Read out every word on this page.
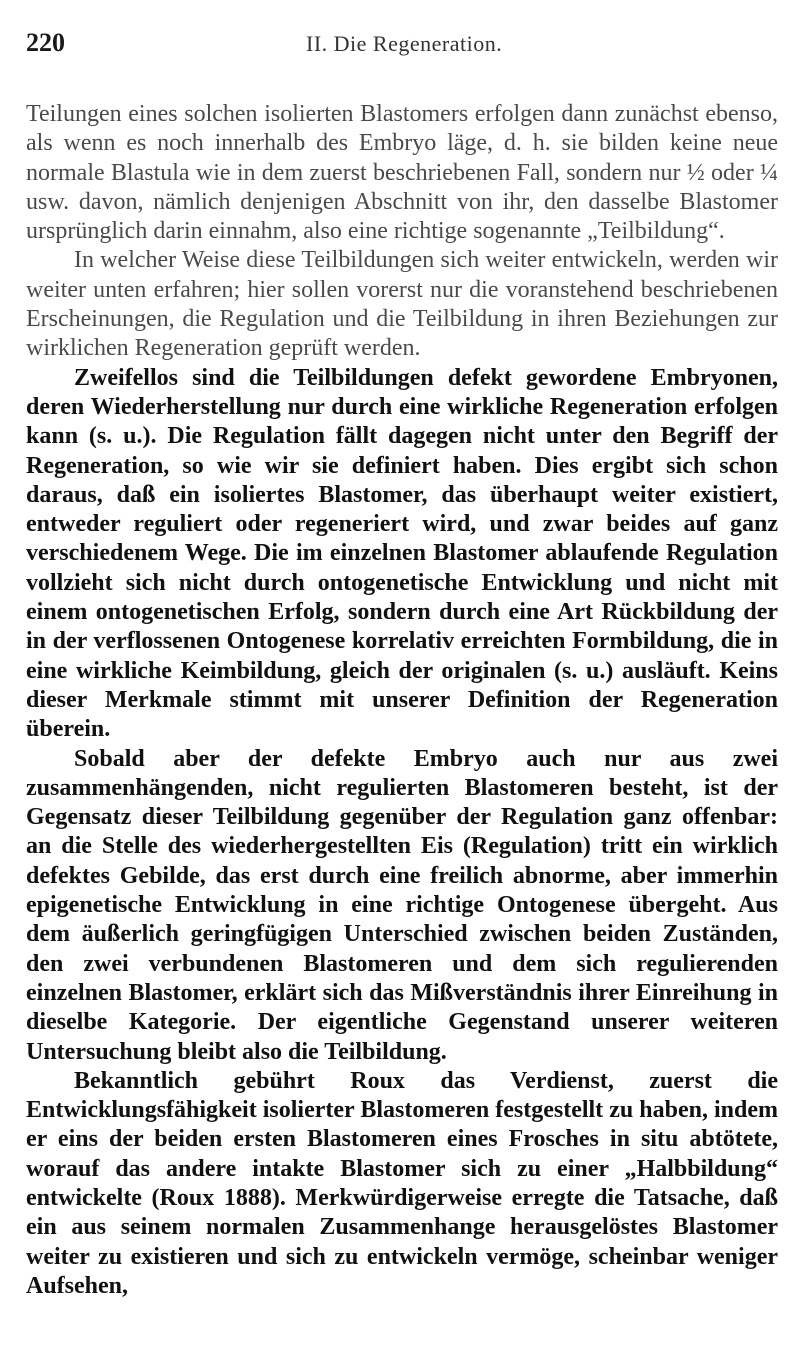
220	II. Die Regeneration.

Teilungen eines solchen isolierten Blastomers erfolgen dann zunächst ebenso, als wenn es noch innerhalb des Embryo läge, d. h. sie bilden keine neue normale Blastula wie in dem zuerst beschriebenen Fall, sondern nur ½ oder ¼ usw. davon, nämlich denjenigen Abschnitt von ihr, den dasselbe Blastomer ursprünglich darin einnahm, also eine richtige sogenannte „Teilbildung“.

In welcher Weise diese Teilbildungen sich weiter entwickeln, werden wir weiter unten erfahren; hier sollen vorerst nur die voranstehend beschriebenen Erscheinungen, die Regulation und die Teilbildung in ihren Beziehungen zur wirklichen Regeneration geprüft werden.

Zweifellos sind die Teilbildungen defekt gewordene Embryonen, deren Wiederherstellung nur durch eine wirkliche Regeneration erfolgen kann (s. u.). Die Regulation fällt dagegen nicht unter den Begriff der Regeneration, so wie wir sie definiert haben. Dies ergibt sich schon daraus, daß ein isoliertes Blastomer, das überhaupt weiter existiert, entweder reguliert oder regeneriert wird, und zwar beides auf ganz verschiedenem Wege. Die im einzelnen Blastomer ablaufende Regulation vollzieht sich nicht durch ontogenetische Entwicklung und nicht mit einem ontogenetischen Erfolg, sondern durch eine Art Rückbildung der in der verflossenen Ontogenese korrelativ erreichten Formbildung, die in eine wirkliche Keimbildung, gleich der originalen (s. u.) ausläuft. Keins dieser Merkmale stimmt mit unserer Definition der Regeneration überein.

Sobald aber der defekte Embryo auch nur aus zwei zusammenhängenden, nicht regulierten Blastomeren besteht, ist der Gegensatz dieser Teilbildung gegenüber der Regulation ganz offenbar: an die Stelle des wiederhergestellten Eis (Regulation) tritt ein wirklich defektes Gebilde, das erst durch eine freilich abnorme, aber immerhin epigenetische Entwicklung in eine richtige Ontogenese übergeht. Aus dem äußerlich geringfügigen Unterschied zwischen beiden Zuständen, den zwei verbundenen Blastomeren und dem sich regulierenden einzelnen Blastomer, erklärt sich das Mißverständnis ihrer Einreihung in dieselbe Kategorie. Der eigentliche Gegenstand unserer weiteren Untersuchung bleibt also die Teilbildung.

Bekanntlich gebührt Roux das Verdienst, zuerst die Entwicklungsfähigkeit isolierter Blastomeren festgestellt zu haben, indem er eins der beiden ersten Blastomeren eines Frosches in situ abtötete, worauf das andere intakte Blastomer sich zu einer „Halbbildung“ entwickelte (Roux 1888). Merkwürdigerweise erregte die Tatsache, daß ein aus seinem normalen Zusammenhange herausgelöstes Blastomer weiter zu existieren und sich zu entwickeln vermöge, scheinbar weniger Aufsehen,
